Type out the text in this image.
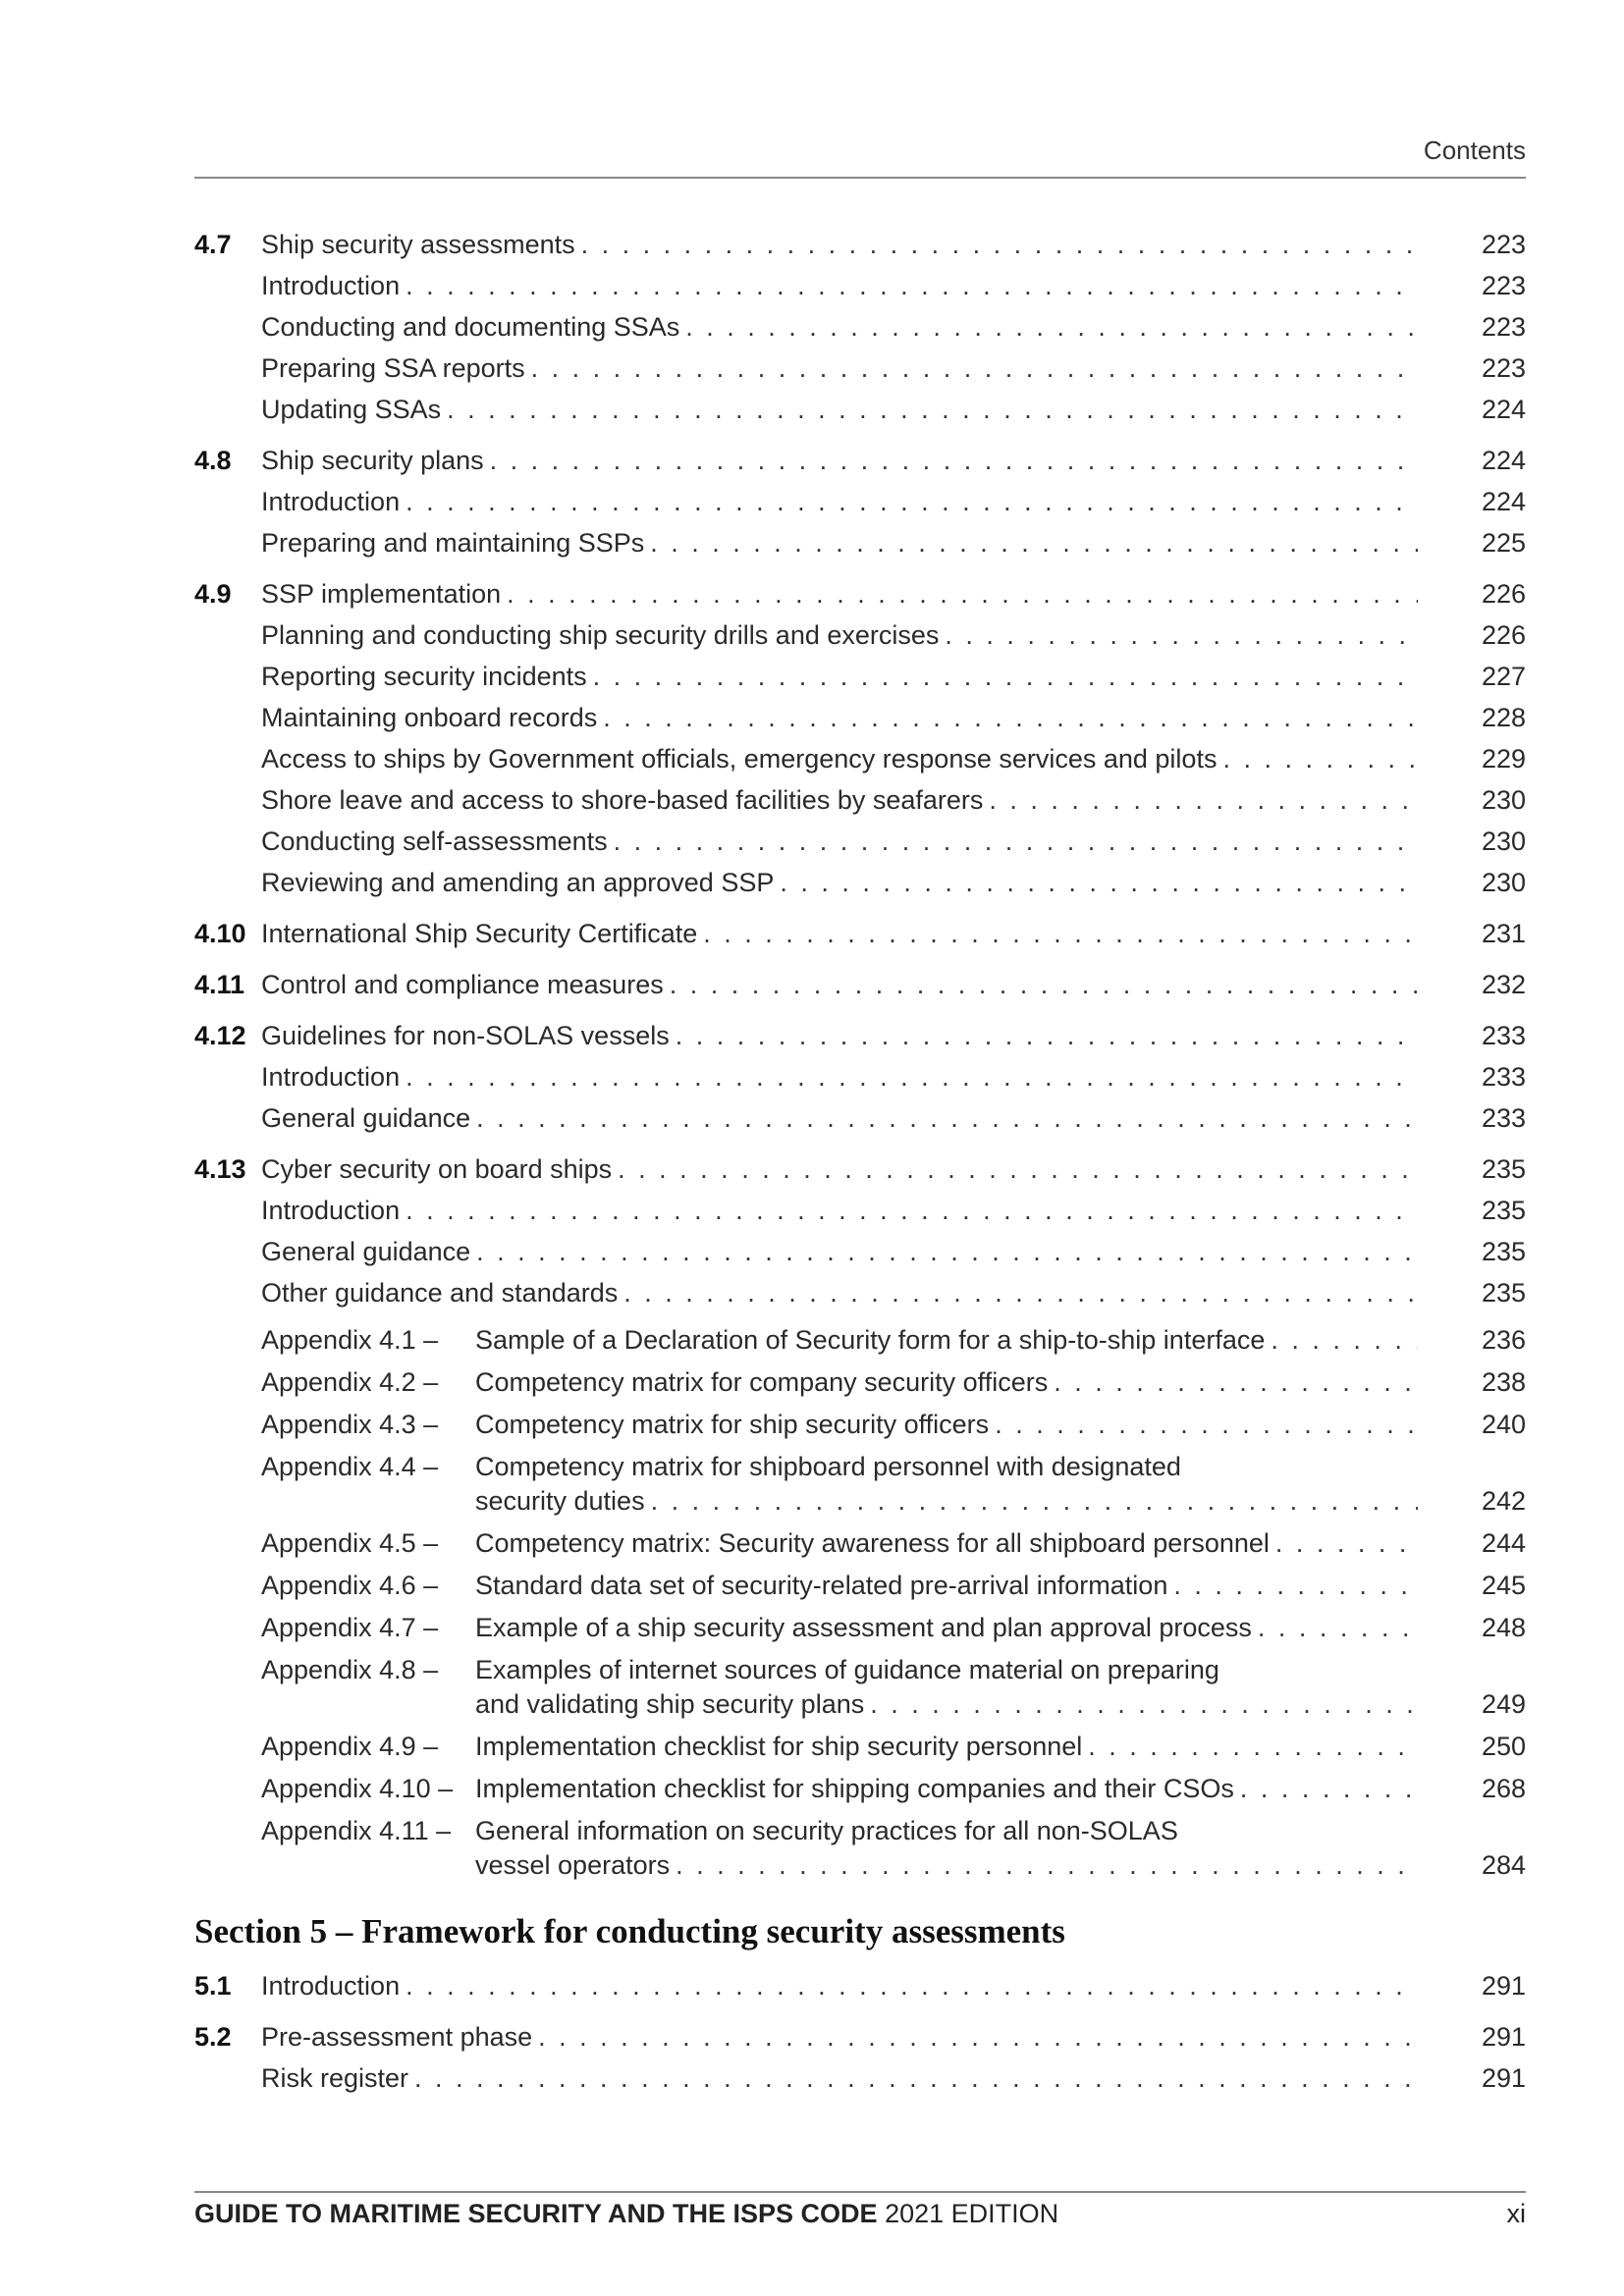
Contents
4.7	Ship security assessments . . .	223
Introduction . . .	223
Conducting and documenting SSAs . . .	223
Preparing SSA reports . . .	223
Updating SSAs . . .	224
4.8	Ship security plans . . .	224
Introduction . . .	224
Preparing and maintaining SSPs . . .	225
4.9	SSP implementation . . .	226
Planning and conducting ship security drills and exercises . . .	226
Reporting security incidents . . .	227
Maintaining onboard records . . .	228
Access to ships by Government officials, emergency response services and pilots . . .	229
Shore leave and access to shore-based facilities by seafarers . . .	230
Conducting self-assessments . . .	230
Reviewing and amending an approved SSP . . .	230
4.10 International Ship Security Certificate . . .	231
4.11 Control and compliance measures . . .	232
4.12 Guidelines for non-SOLAS vessels . . .	233
Introduction . . .	233
General guidance . . .	233
4.13 Cyber security on board ships . . .	235
Introduction . . .	235
General guidance . . .	235
Other guidance and standards . . .	235
Appendix 4.1 –	Sample of a Declaration of Security form for a ship-to-ship interface . . .	236
Appendix 4.2 –	Competency matrix for company security officers . . .	238
Appendix 4.3 –	Competency matrix for ship security officers . . .	240
Appendix 4.4 –	Competency matrix for shipboard personnel with designated
security duties . . .	242
Appendix 4.5 –	Competency matrix: Security awareness for all shipboard personnel . . .	244
Appendix 4.6 –	Standard data set of security-related pre-arrival information . . .	245
Appendix 4.7 –	Example of a ship security assessment and plan approval process . . .	248
Appendix 4.8 –	Examples of internet sources of guidance material on preparing
and validating ship security plans . . .	249
Appendix 4.9 –	Implementation checklist for ship security personnel . . .	250
Appendix 4.10 – Implementation checklist for shipping companies and their CSOs . . .	268
Appendix 4.11 – General information on security practices for all non-SOLAS
vessel operators . . .	284
Section 5 – Framework for conducting security assessments
5.1	Introduction . . .	291
5.2	Pre-assessment phase . . .	291
Risk register . . .	291
GUIDE TO MARITIME SECURITY AND THE ISPS CODE 2021 EDITION	xi
